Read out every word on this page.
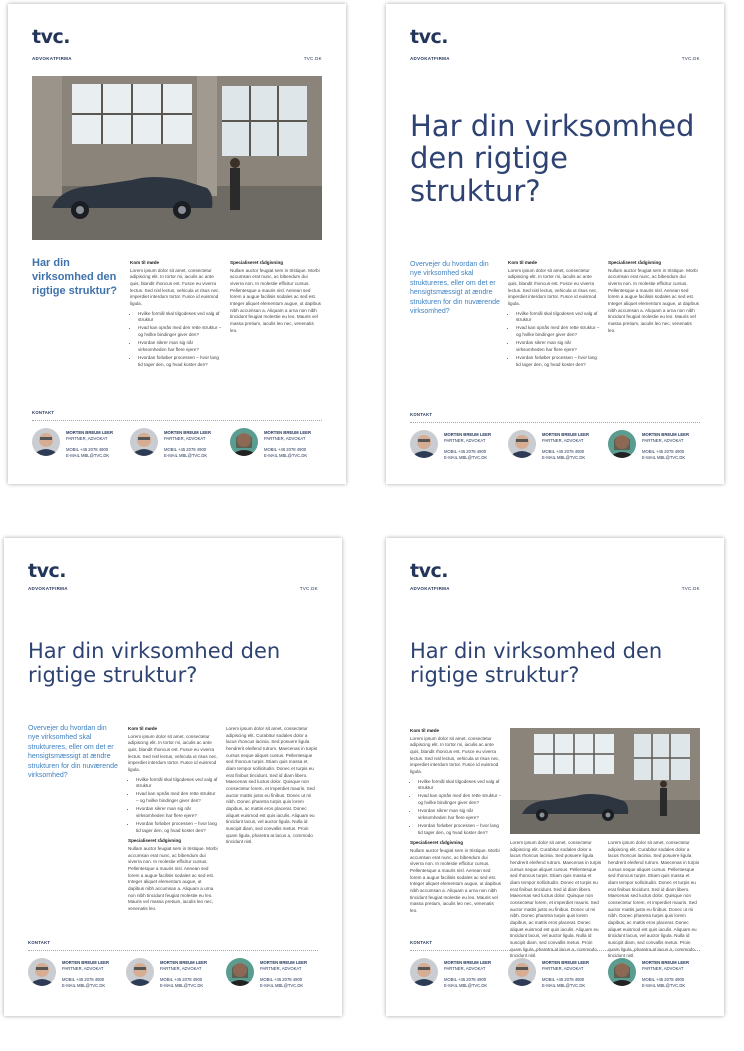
tvc.
ADVOKATFIRMA	TVC.DK
Har din virksomhed den rigtige struktur?
Kom til møde
Lorem ipsum dolor sit amet, consectetur adipiscing elit. In tortor mi, iaculis ac ante quis, blandit rhoncus est. Fusce eu viverra lectus. Sed nisl lectus, vehicula ut risus nec, imperdiet interdum tortor. Fusce id euismod ligula.
• Hvilke formål skal tilgodeses ved valg af struktur
• Hvad kan opnås med den rette struktur – og hvilke bindinger giver den?
• Hvordan sikrer man sig når virksomheden har flere ejere?
• Hvordan forløber processen – hvor lang tid tager den, og hvad koster den?
Specialiseret rådgivning
Nullam auctor feugiat sem in tristique. Morbi accumsan erat nunc, ac bibendum dui viverra non. In molestie efficitur cursus. Pellentesque a mauris nisl. Aenean sed lorem a augue facilisis sodales ac sed est. Integer aliquet elementum augue, ut dapibus nibh accumsan a. Aliquam a urna non nibh tincidunt feugiat molestie eu leo. Mauris vel massa pretium, iaculis leo nec, venenatis leo.
KONTAKT
MORTEN BREUM LEER
PARTNER, ADVOKAT
MOBIL +45 2078 4900
E-MAIL MBL@TVC.DK
MORTEN BREUM LEER
PARTNER, ADVOKAT
MOBIL +45 2078 4900
E-MAIL MBL@TVC.DK
MORTEN BREUM LEER
PARTNER, ADVOKAT
MOBIL +45 2078 4900
E-MAIL MBL@TVC.DK
tvc.
ADVOKATFIRMA	TVC.DK
Har din virksomhed den rigtige struktur?
Overvejer du hvordan din nye virksomhed skal struktureres, eller om det er hensigtsmæssigt at ændre strukturen for din nuværende virksomhed?
Kom til møde
Lorem ipsum dolor sit amet, consectetur adipiscing elit. In tortor mi, iaculis ac ante quis, blandit rhoncus est. Fusce eu viverra lectus. Sed nisl lectus, vehicula ut risus nec, imperdiet interdum tortor. Fusce id euismod ligula.
• Hvilke formål skal tilgodeses ved valg af struktur
• Hvad kan opnås med den rette struktur – og hvilke bindinger giver den?
• Hvordan sikrer man sig når virksomheden har flere ejere?
• Hvordan forløber processen – hvor lang tid tager den, og hvad koster den?
Specialiseret rådgivning
Nullam auctor feugiat sem in tristique. Morbi accumsan erat nunc, ac bibendum dui viverra non. In molestie efficitur cursus. Pellentesque a mauris nisl. Aenean sed lorem a augue facilisis sodales ac sed est. Integer aliquet elementum augue, ut dapibus nibh accumsan a. Aliquam a urna non nibh tincidunt feugiat molestie eu leo. Mauris vel massa pretium, iaculis leo nec, venenatis leo.
KONTAKT
MORTEN BREUM LEER
PARTNER, ADVOKAT
MOBIL +45 2078 4900
E-MAIL MBL@TVC.DK
MORTEN BREUM LEER
PARTNER, ADVOKAT
MOBIL +45 2078 4900
E-MAIL MBL@TVC.DK
MORTEN BREUM LEER
PARTNER, ADVOKAT
MOBIL +45 2078 4900
E-MAIL MBL@TVC.DK
tvc.
ADVOKATFIRMA	TVC.DK
Har din virksomhed den rigtige struktur?
Overvejer du hvordan din nye virksomhed skal struktureres, eller om det er hensigtsmæssigt at ændre strukturen for din nuværende virksomhed?
Kom til møde
Lorem ipsum dolor sit amet, consectetur adipiscing elit. In tortor mi, iaculis ac ante quis, blandit rhoncus est. Fusce eu viverra lectus. Sed nisl lectus, vehicula ut risus nec, imperdiet interdum tortor. Fusce id euismod ligula.
• Hvilke formål skal tilgodeses ved valg af struktur
• Hvad kan opnås med den rette struktur – og hvilke bindinger giver den?
• Hvordan sikrer man sig når virksomheden har flere ejere?
• Hvordan forløber processen – hvor lang tid tager den, og hvad koster den?
Specialiseret rådgivning
Nullam auctor feugiat sem in tristique. Morbi accumsan erat nunc, ac bibendum dui viverra non. In molestie efficitur cursus. Pellentesque a mauris nisl. Aenean sed lorem a augue facilisis sodales ac sed est. Integer aliquet elementum augue, ut dapibus nibh accumsan a. Aliquam a urna non nibh tincidunt feugiat molestie eu leo. Mauris vel massa pretium, iaculis leo nec, venenatis leo.
Lorem ipsum dolor sit amet, consectetur adipiscing elit. Curabitur sodales dolor a lacus rhoncus lacinia. Sed posuere ligula hendrerit eleifend rutrum. Maecenas in turpis cursus neque aliquet cursus. Pellentesque sed rhoncus turpis. Etiam quis massa et diam tempor sollicitudin. Donec et turpis eu erat finibus tincidunt. Sed id diam libero. Maecenas sed luctus dolor. Quisque non consectetur lorem, et imperdiet mauris. Sed auctor mattis justo eu finibus. Donec ut mi nibh. Donec pharetra turpis quis lorem dapibus, ac mattis eros placerat. Donec aliquet euismod est quis iaculis. Aliquam eu tincidunt lacus, vel auctor ligula. Nulla id suscipit diam, sed convallis metus. Proin quam ligula, pharetra at lacus a, commodo tincidunt nisl.
KONTAKT
MORTEN BREUM LEER
PARTNER, ADVOKAT
MOBIL +45 2078 4900
E-MAIL MBL@TVC.DK
MORTEN BREUM LEER
PARTNER, ADVOKAT
MOBIL +45 2078 4900
E-MAIL MBL@TVC.DK
MORTEN BREUM LEER
PARTNER, ADVOKAT
MOBIL +45 2078 4900
E-MAIL MBL@TVC.DK
tvc.
ADVOKATFIRMA	TVC.DK
Har din virksomhed den rigtige struktur?
Kom til møde
Lorem ipsum dolor sit amet, consectetur adipiscing elit. In tortor mi, iaculis ac ante quis, blandit rhoncus est. Fusce eu viverra lectus. Sed nisl lectus, vehicula ut risus nec, imperdiet interdum tortor. Fusce id euismod ligula.
• Hvilke formål skal tilgodeses ved valg af struktur
• Hvad kan opnås med den rette struktur – og hvilke bindinger giver den?
• Hvordan sikrer man sig når virksomheden har flere ejere?
• Hvordan forløber processen – hvor lang tid tager den, og hvad koster den?
Specialiseret rådgivning
Nullam auctor feugiat sem in tristique. Morbi accumsan erat nunc, ac bibendum dui viverra non. In molestie efficitur cursus. Pellentesque a mauris nisl. Aenean sed lorem a augue facilisis sodales ac sed est. Integer aliquet elementum augue, ut dapibus nibh accumsan a. Aliquam a urna non nibh tincidunt feugiat molestie eu leo. Mauris vel massa pretium, iaculis leo nec, venenatis leo.
Lorem ipsum dolor sit amet, consectetur adipiscing elit. Curabitur sodales dolor a lacus rhoncus lacinia. Sed posuere ligula hendrerit eleifend rutrum. Maecenas in turpis cursus neque aliquet cursus. Pellentesque sed rhoncus turpis. Etiam quis massa et diam tempor sollicitudin. Donec et turpis eu erat finibus tincidunt. Sed id diam libero. Maecenas sed luctus dolor. Quisque non consectetur lorem, et imperdiet mauris. Sed auctor mattis justo eu finibus. Donec ut mi nibh. Donec pharetra turpis quis lorem dapibus, ac mattis eros placerat. Donec aliquet euismod est quis iaculis. Aliquam eu tincidunt lacus, vel auctor ligula. Nulla id suscipit diam, sed convallis metus. Proin quam ligula, pharetra at lacus a, commodo tincidunt nisl.
Lorem ipsum dolor sit amet, consectetur adipiscing elit. Curabitur sodales dolor a lacus rhoncus lacinia. Sed posuere ligula hendrerit eleifend rutrum. Maecenas in turpis cursus neque aliquet cursus. Pellentesque sed rhoncus turpis. Etiam quis massa et diam tempor sollicitudin. Donec et turpis eu erat finibus tincidunt. Sed id diam libero. Maecenas sed luctus dolor. Quisque non consectetur lorem, et imperdiet mauris. Sed auctor mattis justo eu finibus. Donec ut mi nibh. Donec pharetra turpis quis lorem dapibus, ac mattis eros placerat. Donec aliquet euismod est quis iaculis. Aliquam eu tincidunt lacus, vel auctor ligula. Nulla id suscipit diam, sed convallis metus. Proin quam ligula, pharetra at lacus a, commodo tincidunt nisl.
KONTAKT
MORTEN BREUM LEER
PARTNER, ADVOKAT
MOBIL +45 2078 4900
E-MAIL MBL@TVC.DK
MORTEN BREUM LEER
PARTNER, ADVOKAT
MOBIL +45 2078 4900
E-MAIL MBL@TVC.DK
MORTEN BREUM LEER
PARTNER, ADVOKAT
MOBIL +45 2078 4900
E-MAIL MBL@TVC.DK
